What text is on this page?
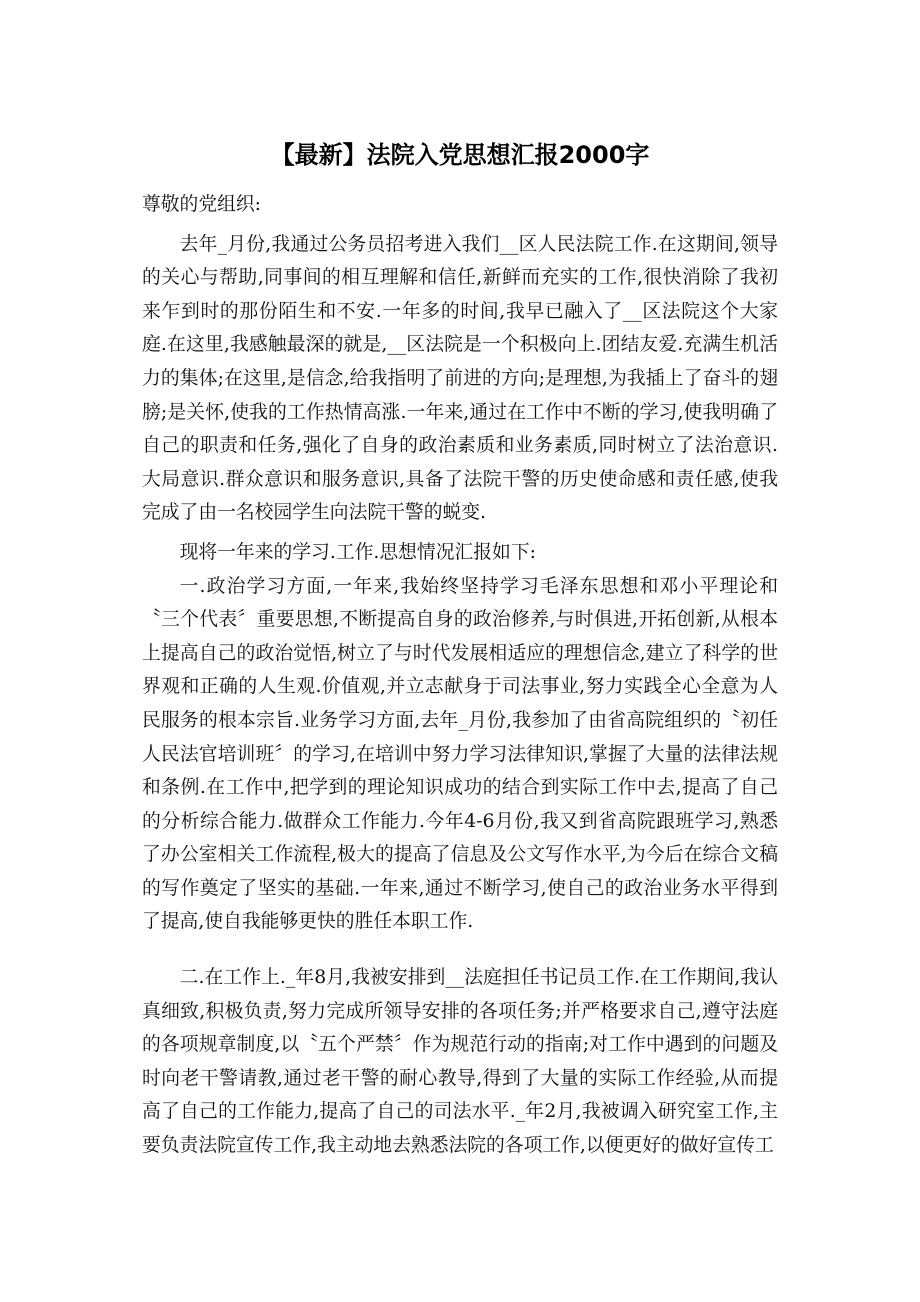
【最新】法院入党思想汇报2000字

尊敬的党组织:

去年_月份,我通过公务员招考进入我们__区人民法院工作.在这期间,领导的关心与帮助,同事间的相互理解和信任,新鲜而充实的工作,很快消除了我初来乍到时的那份陌生和不安.一年多的时间,我早已融入了__区法院这个大家庭.在这里,我感触最深的就是,__区法院是一个积极向上.团结友爱.充满生机活力的集体;在这里,是信念,给我指明了前进的方向;是理想,为我插上了奋斗的翅膀;是关怀,使我的工作热情高涨.一年来,通过在工作中不断的学习,使我明确了自己的职责和任务,强化了自身的政治素质和业务素质,同时树立了法治意识.大局意识.群众意识和服务意识,具备了法院干警的历史使命感和责任感,使我完成了由一名校园学生向法院干警的蜕变.

现将一年来的学习.工作.思想情况汇报如下:

一.政治学习方面,一年来,我始终坚持学习毛泽东思想和邓小平理论和〝三个代表〞重要思想,不断提高自身的政治修养,与时俱进,开拓创新,从根本上提高自己的政治觉悟,树立了与时代发展相适应的理想信念,建立了科学的世界观和正确的人生观.价值观,并立志献身于司法事业,努力实践全心全意为人民服务的根本宗旨.业务学习方面,去年_月份,我参加了由省高院组织的〝初任人民法官培训班〞的学习,在培训中努力学习法律知识,掌握了大量的法律法规和条例.在工作中,把学到的理论知识成功的结合到实际工作中去,提高了自己的分析综合能力.做群众工作能力.今年4-6月份,我又到省高院跟班学习,熟悉了办公室相关工作流程,极大的提高了信息及公文写作水平,为今后在综合文稿的写作奠定了坚实的基础.一年来,通过不断学习,使自己的政治业务水平得到了提高,使自我能够更快的胜任本职工作.

二.在工作上._年8月,我被安排到__法庭担任书记员工作.在工作期间,我认真细致,积极负责,努力完成所领导安排的各项任务;并严格要求自己,遵守法庭的各项规章制度,以〝五个严禁〞作为规范行动的指南;对工作中遇到的问题及时向老干警请教,通过老干警的耐心教导,得到了大量的实际工作经验,从而提高了自己的工作能力,提高了自己的司法水平._年2月,我被调入研究室工作,主要负责法院宣传工作,我主动地去熟悉法院的各项工作,以便更好的做好宣传工
